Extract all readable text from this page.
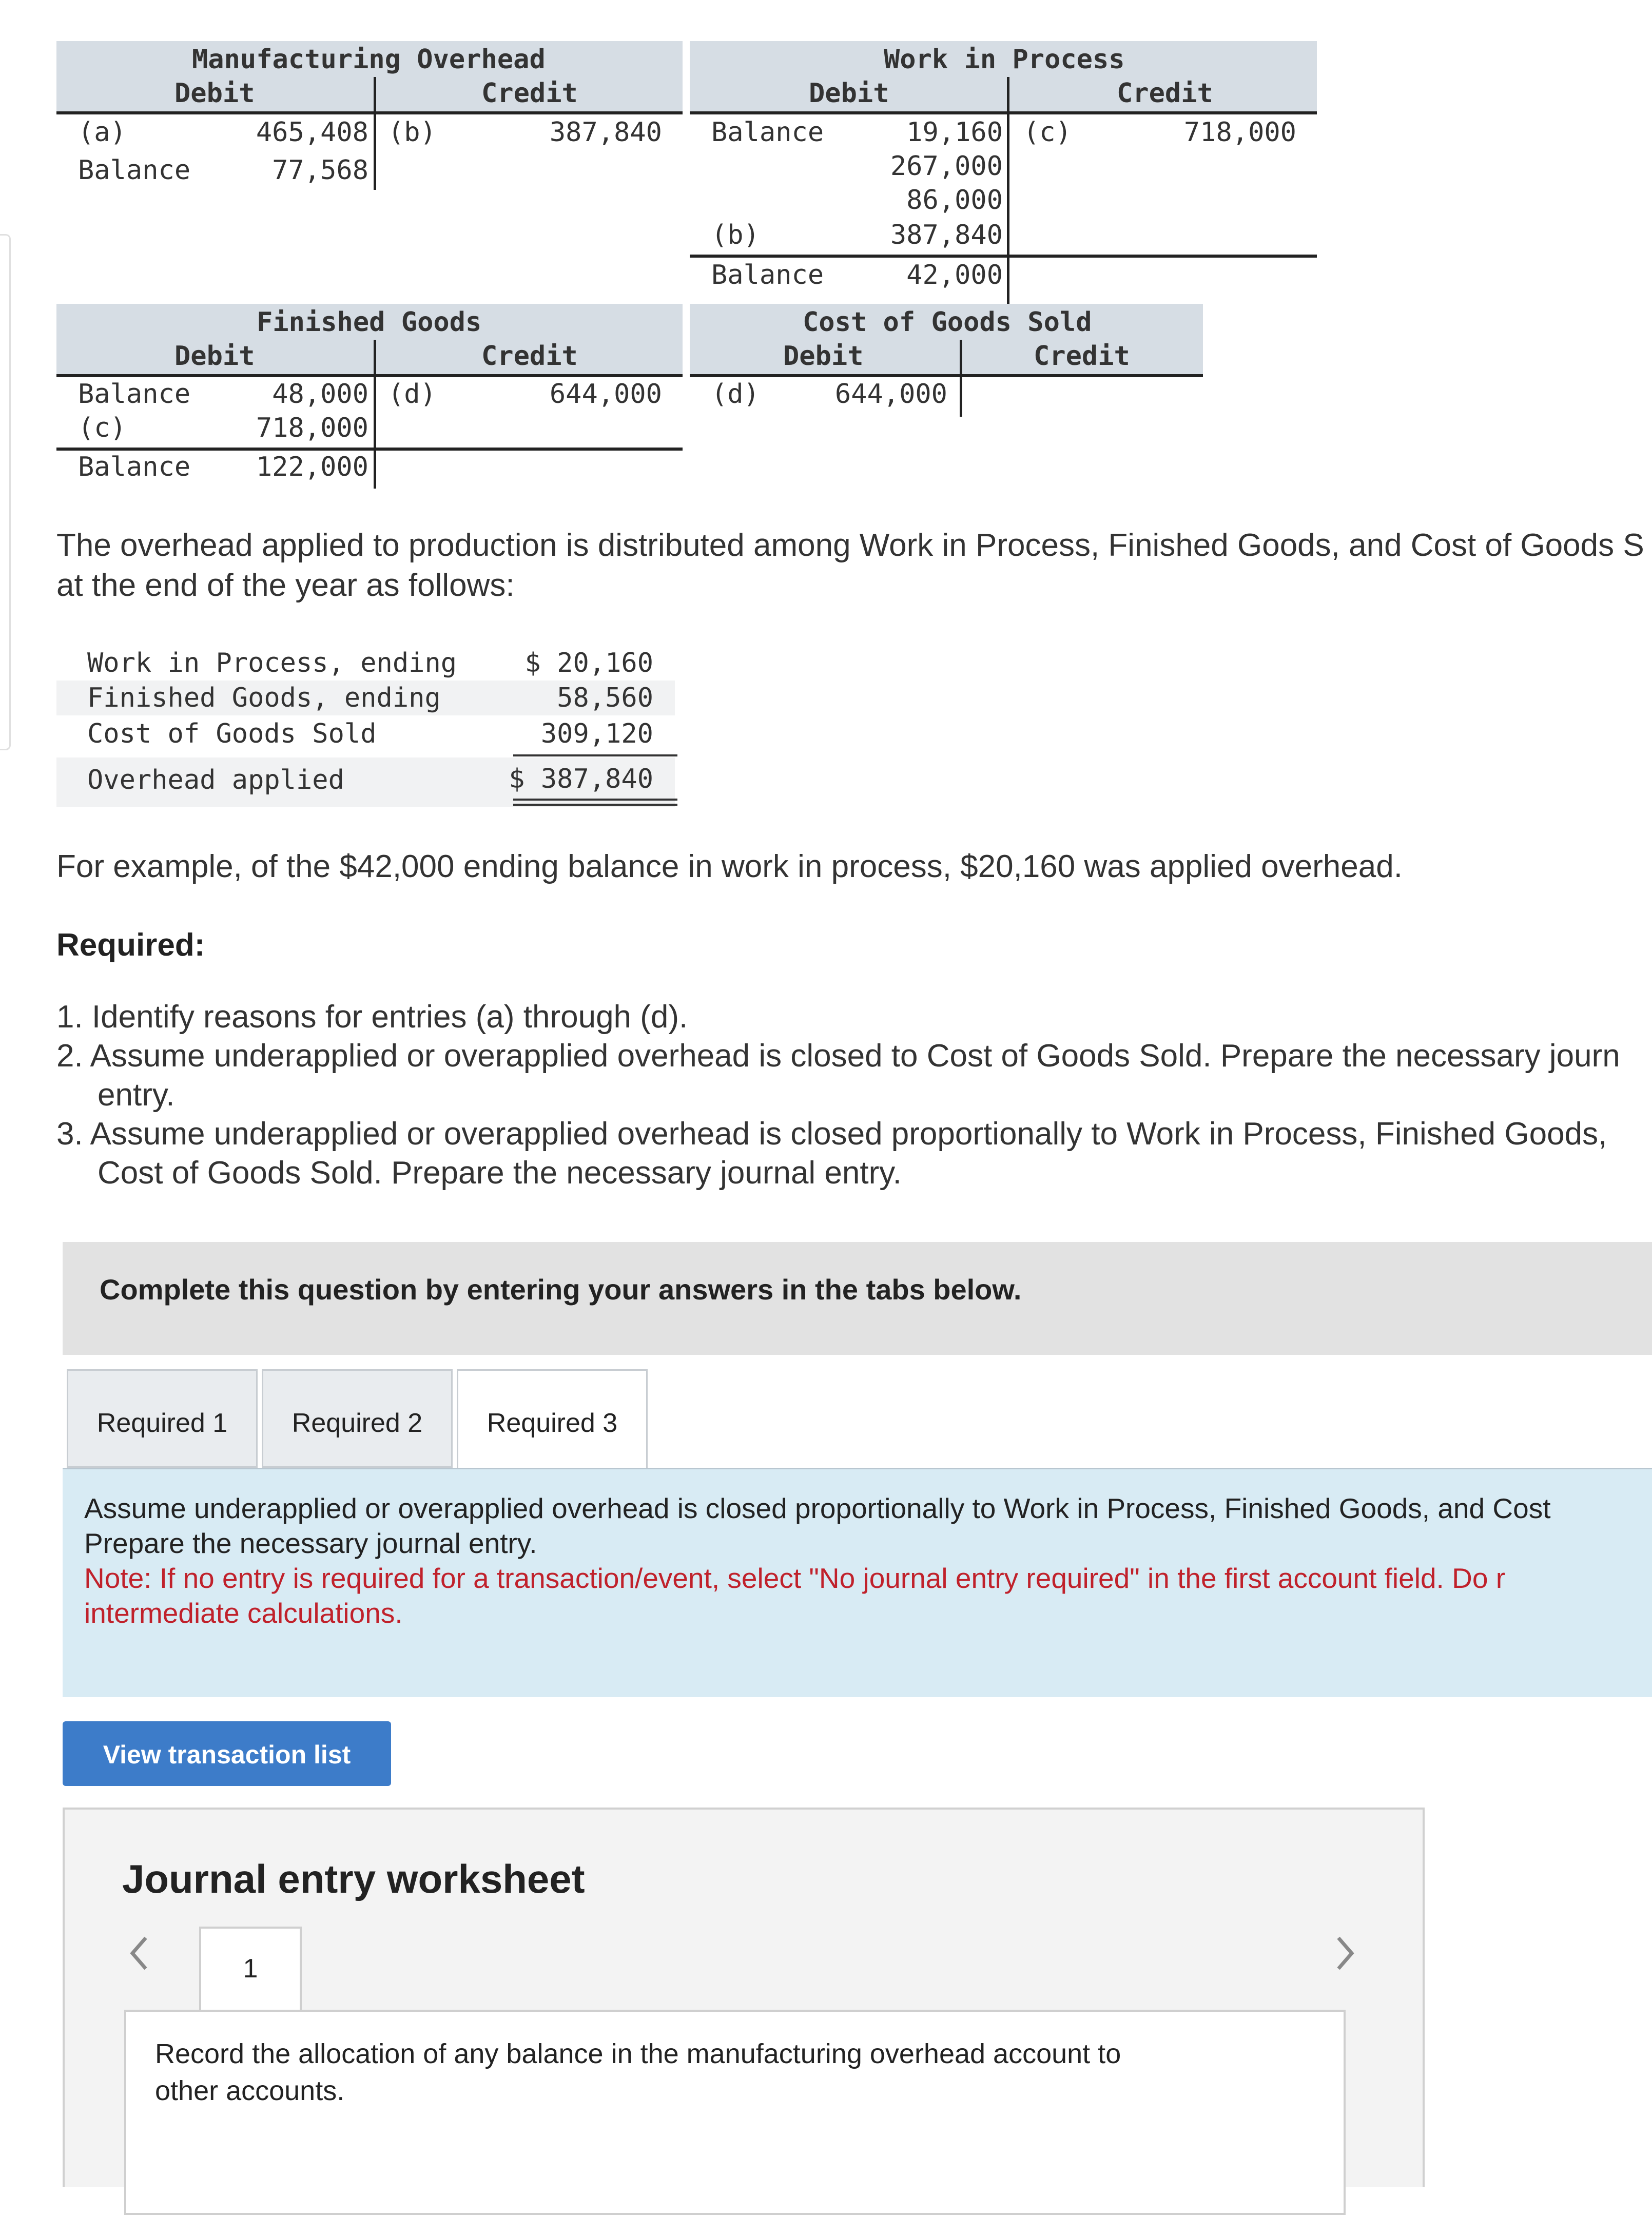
Manufacturing Overhead
Debit	Credit
(a)	465,408 (b)	387,840
Balance	77,568
Work in Process
Debit	Credit
Balance	19,160 (c)	718,000
267,000
86,000
(b)	387,840
Balance	42,000
Finished Goods
Debit	Credit
Balance	48,000 (d)	644,000
(c)	718,000
Balance 122,000
Cost of Goods Sold
Debit	Credit
(d)	644,000
The overhead applied to production is distributed among Work in Process, Finished Goods, and Cost of Goods S
at the end of the year as follows:
Work in Process, ending	$ 20,160
Finished Goods, ending	58,560
Cost of Goods Sold	309,120
Overhead applied	$ 387,840
For example, of the $42,000 ending balance in work in process, $20,160 was applied overhead.
Required:
1. Identify reasons for entries (a) through (d).
2. Assume underapplied or overapplied overhead is closed to Cost of Goods Sold. Prepare the necessary journ
entry.
3. Assume underapplied or overapplied overhead is closed proportionally to Work in Process, Finished Goods,
Cost of Goods Sold. Prepare the necessary journal entry.
Complete this question by entering your answers in the tabs below.
Required 1	Required 2	Required 3
Assume underapplied or overapplied overhead is closed proportionally to Work in Process, Finished Goods, and Cost
Prepare the necessary journal entry.
Note: If no entry is required for a transaction/event, select "No journal entry required" in the first account field. Do r
intermediate calculations.
View transaction list
Journal entry worksheet
1
Record the allocation of any balance in the manufacturing overhead account to
other accounts.
